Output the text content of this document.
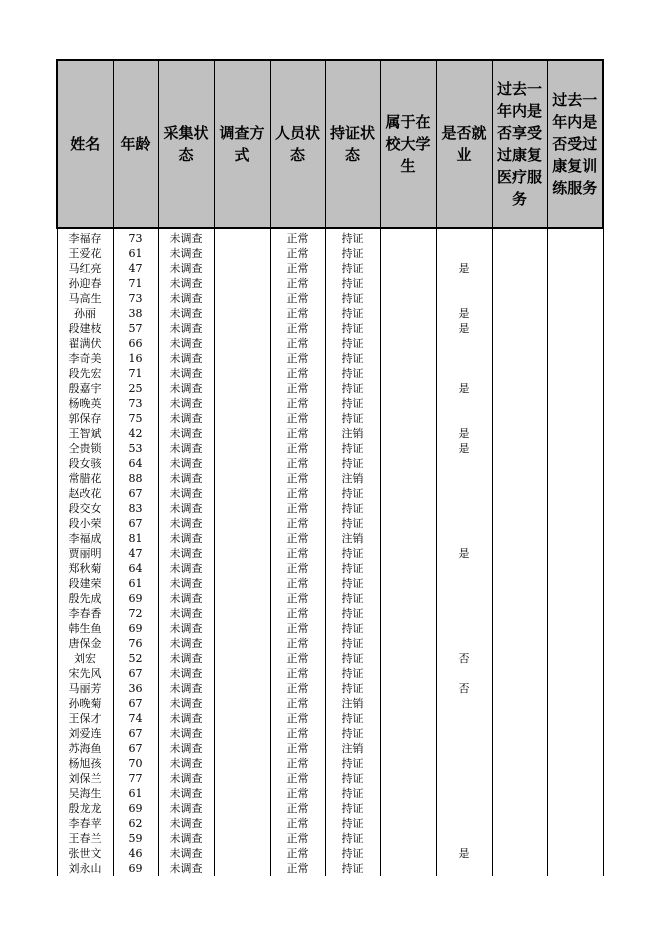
姓名	年龄	采集状态	调查方式	人员状态	持证状态	属于在校大学生	是否就业	过去一年内是否享受过康复医疗服务	过去一年内是否受过康复训练服务

李福存	73	未调查		正常	持证				
王爱花	61	未调查		正常	持证				
马红亮	47	未调查		正常	持证		是		
孙迎春	71	未调查		正常	持证				
马高生	73	未调查		正常	持证				
孙丽	38	未调查		正常	持证		是		
段建枝	57	未调查		正常	持证		是		
翟满伏	66	未调查		正常	持证				
李奇美	16	未调查		正常	持证				
段先宏	71	未调查		正常	持证				
殷嘉宇	25	未调查		正常	持证		是		
杨晚英	73	未调查		正常	持证				
郭保存	75	未调查		正常	持证				
王智斌	42	未调查		正常	注销		是		
仝贵锁	53	未调查		正常	持证		是		
段女骇	64	未调查		正常	持证				
常腊花	88	未调查		正常	注销				
赵改花	67	未调查		正常	持证				
段交女	83	未调查		正常	持证				
段小荣	67	未调查		正常	持证				
李福成	81	未调查		正常	注销				
贾丽明	47	未调查		正常	持证		是		
郑秋菊	64	未调查		正常	持证				
段建荣	61	未调查		正常	持证				
殷先成	69	未调查		正常	持证				
李春香	72	未调查		正常	持证				
韩生鱼	69	未调查		正常	持证				
唐保金	76	未调查		正常	持证				
刘宏	52	未调查		正常	持证		否		
宋先风	67	未调查		正常	持证				
马丽芳	36	未调查		正常	持证		否		
孙晚菊	67	未调查		正常	注销				
王保才	74	未调查		正常	持证				
刘爱连	67	未调查		正常	持证				
苏海鱼	67	未调查		正常	注销				
杨旭孩	70	未调查		正常	持证				
刘保兰	77	未调查		正常	持证				
吴海生	61	未调查		正常	持证				
殷龙龙	69	未调查		正常	持证				
李春苹	62	未调查		正常	持证				
王春兰	59	未调查		正常	持证				
张世文	46	未调查		正常	持证		是		
刘永山	69	未调查		正常	持证				
